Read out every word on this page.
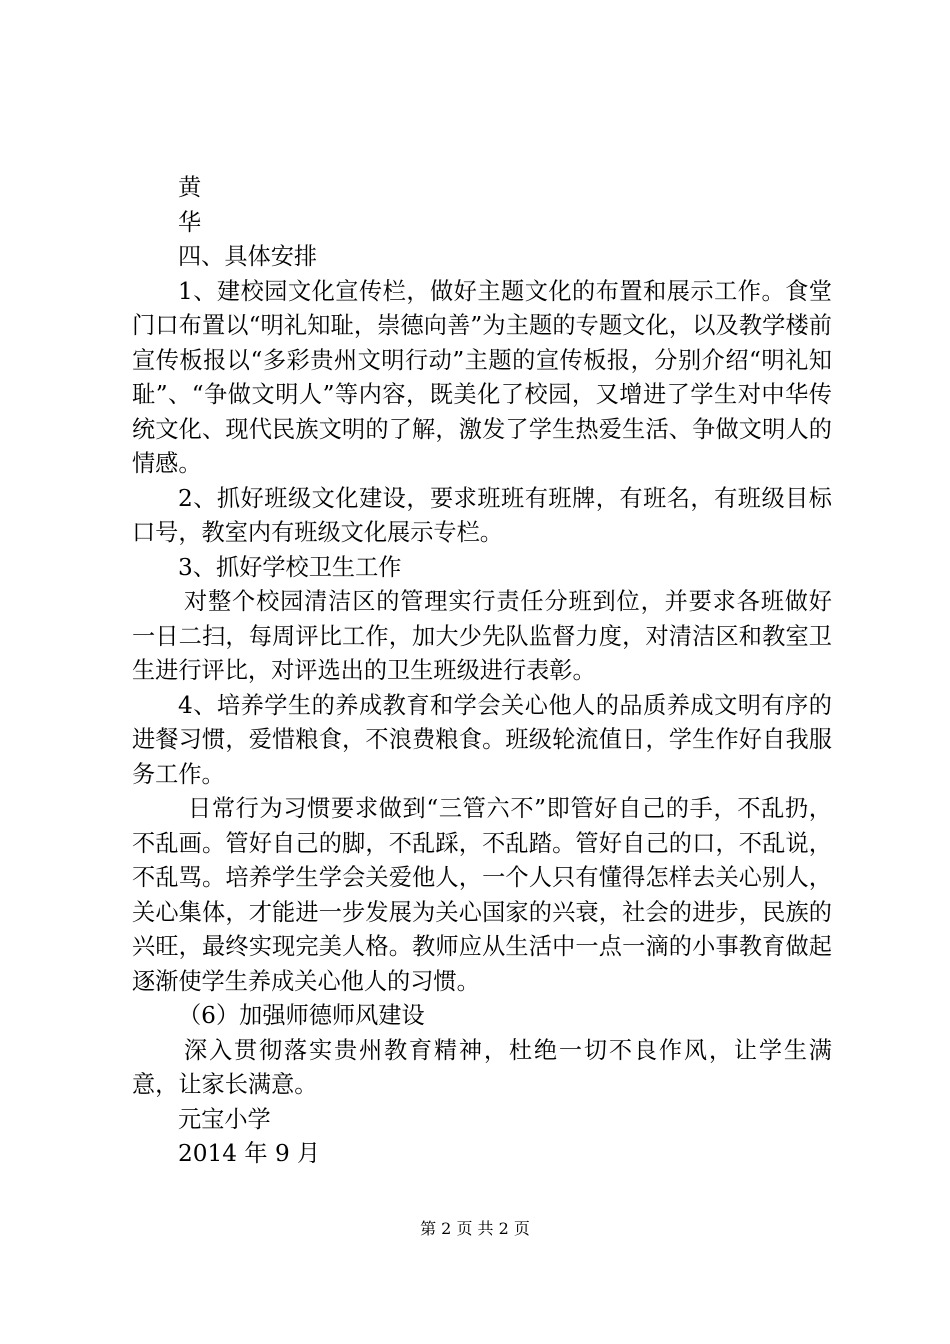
黄

华

四、具体安排

1、建校园文化宣传栏，做好主题文化的布置和展示工作。食堂门口布置以“明礼知耻，崇德向善”为主题的专题文化，以及教学楼前宣传板报以“多彩贵州文明行动”主题的宣传板报，分别介绍“明礼知耻”、“争做文明人”等内容，既美化了校园，又增进了学生对中华传统文化、现代民族文明的了解，激发了学生热爱生活、争做文明人的情感。

2、抓好班级文化建设，要求班班有班牌，有班名，有班级目标口号，教室内有班级文化展示专栏。

3、抓好学校卫生工作

对整个校园清洁区的管理实行责任分班到位，并要求各班做好一日二扫，每周评比工作，加大少先队监督力度，对清洁区和教室卫生进行评比，对评选出的卫生班级进行表彰。

4、培养学生的养成教育和学会关心他人的品质养成文明有序的进餐习惯，爱惜粮食，不浪费粮食。班级轮流值日，学生作好自我服务工作。

日常行为习惯要求做到“三管六不”即管好自己的手，不乱扔，不乱画。管好自己的脚，不乱踩，不乱踏。管好自己的口，不乱说，不乱骂。培养学生学会关爱他人，一个人只有懂得怎样去关心别人，关心集体，才能进一步发展为关心国家的兴衰，社会的进步，民族的兴旺，最终实现完美人格。教师应从生活中一点一滴的小事教育做起逐渐使学生养成关心他人的习惯。

（6）加强师德师风建设

深入贯彻落实贵州教育精神，杜绝一切不良作风，让学生满意，让家长满意。

元宝小学

2014 年 9 月

第 2 页 共 2 页
